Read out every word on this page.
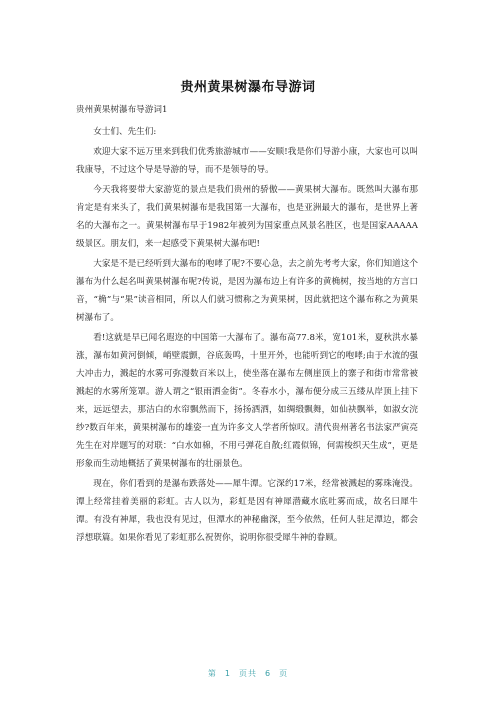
贵州黄果树瀑布导游词

贵州黄果树瀑布导游词1

女士们、先生们:

欢迎大家不远万里来到我们优秀旅游城市——安顺!我是你们导游小康，大家也可以叫我康导，不过这个导是导游的导，而不是领导的导。

今天我将要带大家游览的景点是我们贵州的骄傲——黄果树大瀑布。既然叫大瀑布那肯定是有来头了，我们黄果树瀑布是我国第一大瀑布，也是亚洲最大的瀑布，是世界上著名的大瀑布之一。黄果树瀑布早于1982年被列为国家重点风景名胜区，也是国家AAAAA级景区。朋友们，来一起感受下黄果树大瀑布吧!

大家是不是已经听到大瀑布的咆哮了呢?不要心急，去之前先考考大家，你们知道这个瀑布为什么起名叫黄果树瀑布呢?传说，是因为瀑布边上有许多的黄桷树，按当地的方言口音，“桷”与“果”读音相同，所以人们就习惯称之为黄果树，因此就把这个瀑布称之为黄果树瀑布了。

看!这就是早已闻名遐迩的中国第一大瀑布了。瀑布高77.8米，宽101米，夏秋洪水暴涨，瀑布如黄河倒倾，峭壁震颤，谷底轰鸣，十里开外，也能听到它的咆哮;由于水流的强大冲击力，溅起的水雾可弥漫数百米以上，使坐落在瀑布左侧崖顶上的寨子和街市常常被溅起的水雾所笼罩。游人谓之“银雨洒金街”。冬春水小，瀑布便分成三五缕从岸顶上挂下来，远远望去，那洁白的水帘飘然而下，扬扬洒洒，如绸缎飘舞，如仙袂飘举，如淑女浣纱?数百年来，黄果树瀑布的雄姿一直为许多文人学者所惊叹。清代贵州著名书法家严寅亮先生在对岸题写的对联：“白水如棉，不用弓弹花自散;红霞似锦，何需梭织天生成”，更是形象而生动地概括了黄果树瀑布的壮丽景色。

现在，你们看到的是瀑布跌落处——犀牛潭。它深约17米，经常被溅起的雾珠淹没。潭上经常挂着美丽的彩虹。古人以为，彩虹是因有神犀潜藏水底吐雾而成，故名曰犀牛潭。有没有神犀，我也没有见过，但潭水的神秘幽深，至今依然，任何人驻足潭边，都会浮想联篇。如果你看见了彩虹那么祝贺你，说明你很受犀牛神的眷顾。

第 1 页共 6 页
